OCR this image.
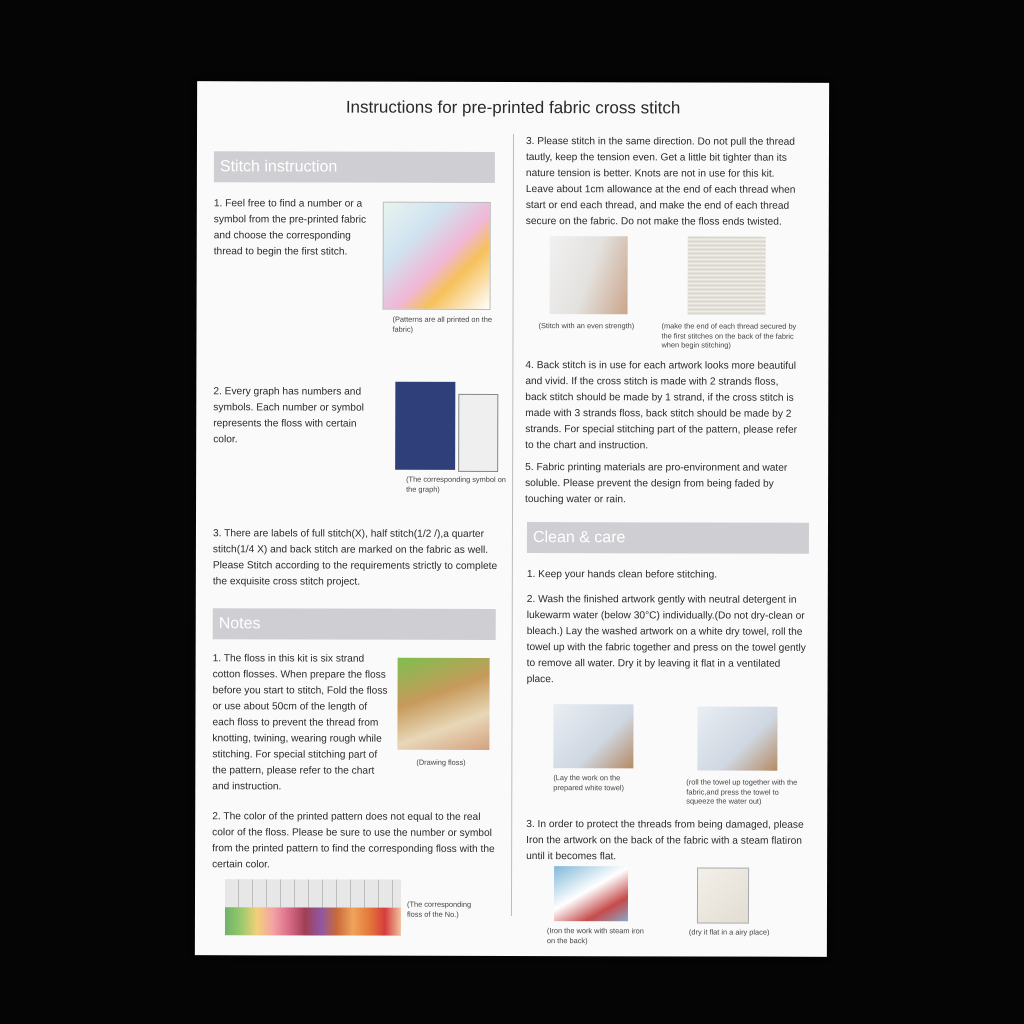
Instructions for pre-printed fabric cross stitch
Stitch instruction
1. Feel free to find a number or a symbol from the pre-printed fabric and choose the corresponding thread to begin the first stitch.
(Patterns are all printed on the fabric)
2. Every graph has numbers and symbols. Each number or symbol represents the floss with certain color.
(The corresponding symbol on the graph)
3. There are labels of full stitch(X), half stitch(1/2 /),a quarter stitch(1/4 X) and back stitch are marked on the fabric as well. Please Stitch according to the requirements strictly to complete the exquisite cross stitch project.
Notes
1. The floss in this kit is six strand cotton flosses. When prepare the floss before you start to stitch, Fold the floss or use about 50cm of the length of each floss to prevent the thread from knotting, twining, wearing rough while stitching. For special stitching part of the pattern, please refer to the chart and instruction.
(Drawing floss)
2. The color of the printed pattern does not equal to the real color of the floss. Please be sure to use the number or symbol from the printed pattern to find the corresponding floss with the certain color.
(The corresponding floss of the No.)
3. Please stitch in the same direction. Do not pull the thread tautly, keep the tension even. Get a little bit tighter than its nature tension is better. Knots are not in use for this kit. Leave about 1cm allowance at the end of each thread when start or end each thread, and make the end of each thread secure on the fabric. Do not make the floss ends twisted.
(Stitch with an even strength)	(make the end of each thread secured by the first stitches on the back of the fabric when begin stitching)
4. Back stitch is in use for each artwork looks more beautiful and vivid. If the cross stitch is made with 2 strands floss, back stitch should be made by 1 strand, if the cross stitch is made with 3 strands floss, back stitch should be made by 2 strands. For special stitching part of the pattern, please refer to the chart and instruction.
5. Fabric printing materials are pro-environment and water soluble. Please prevent the design from being faded by touching water or rain.
Clean & care
1. Keep your hands clean before stitching.
2. Wash the finished artwork gently with neutral detergent in lukewarm water (below 30°C) individually.(Do not dry-clean or bleach.) Lay the washed artwork on a white dry towel, roll the towel up with the fabric together and press on the towel gently to remove all water. Dry it by leaving it flat in a ventilated place.
(Lay the work on the prepared white towel)
(roll the towel up together with the fabric,and press the towel to squeeze the water out)
3. In order to protect the threads from being damaged, please Iron the artwork on the back of the fabric with a steam flatiron until it becomes flat.
(Iron the work with steam iron on the back)
(dry it flat in a airy place)
